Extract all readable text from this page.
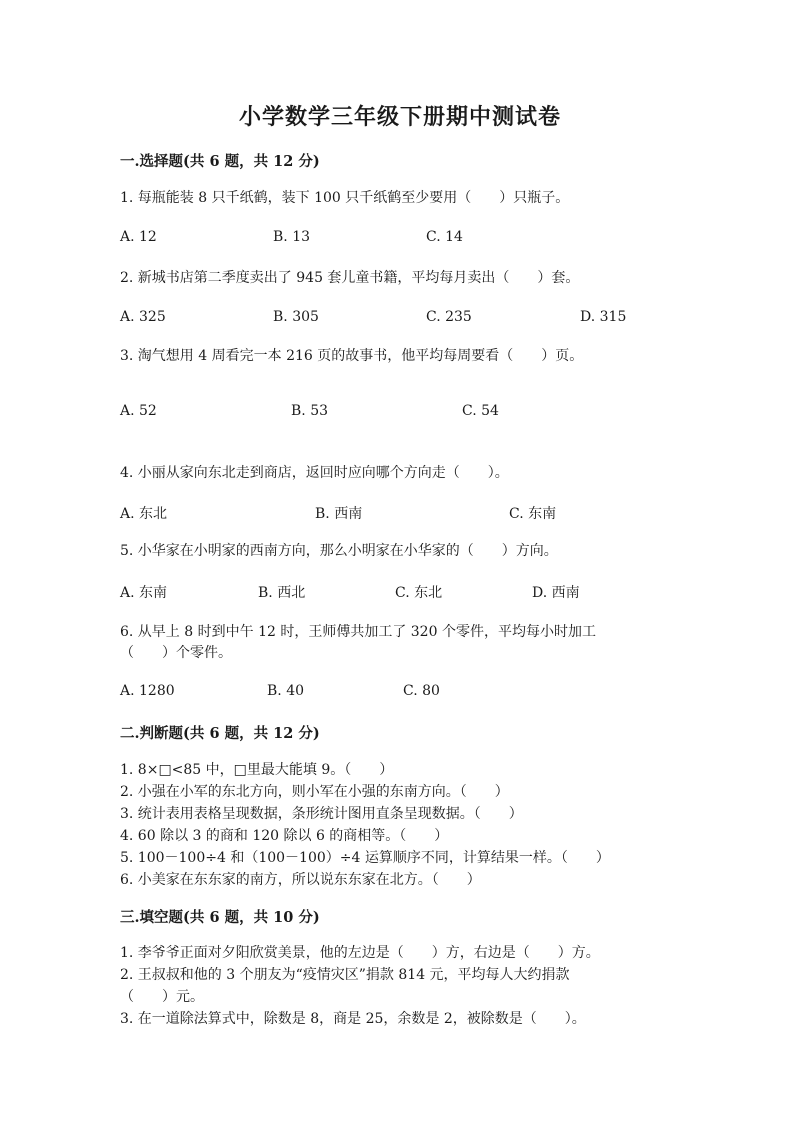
小学数学三年级下册期中测试卷
一.选择题(共 6 题，共 12 分)
1. 每瓶能装 8 只千纸鹤，装下 100 只千纸鹤至少要用（　　）只瓶子。
A. 12	B. 13	C. 14
2. 新城书店第二季度卖出了 945 套儿童书籍，平均每月卖出（　　）套。
A. 325	B. 305	C. 235	D. 315
3. 淘气想用 4 周看完一本 216 页的故事书，他平均每周要看（　　）页。
A. 52	B. 53	C. 54
4. 小丽从家向东北走到商店，返回时应向哪个方向走（　　）。
A. 东北	B. 西南	C. 东南
5. 小华家在小明家的西南方向，那么小明家在小华家的（　　）方向。
A. 东南	B. 西北	C. 东北	D. 西南
6. 从早上 8 时到中午 12 时，王师傅共加工了 320 个零件，平均每小时加工
（　　）个零件。
A. 1280	B. 40	C. 80
二.判断题(共 6 题，共 12 分)
1. 8×□<85 中，□里最大能填 9。（　　）
2. 小强在小军的东北方向，则小军在小强的东南方向。（　　）
3. 统计表用表格呈现数据，条形统计图用直条呈现数据。（　　）
4. 60 除以 3 的商和 120 除以 6 的商相等。（　　）
5. 100－100÷4 和（100－100）÷4 运算顺序不同，计算结果一样。（　　）
6. 小美家在东东家的南方，所以说东东家在北方。（　　）
三.填空题(共 6 题，共 10 分)
1. 李爷爷正面对夕阳欣赏美景，他的左边是（　　）方，右边是（　　）方。
2. 王叔叔和他的 3 个朋友为“疫情灾区”捐款 814 元，平均每人大约捐款
（　　）元。
3. 在一道除法算式中，除数是 8，商是 25，余数是 2，被除数是（　　）。
